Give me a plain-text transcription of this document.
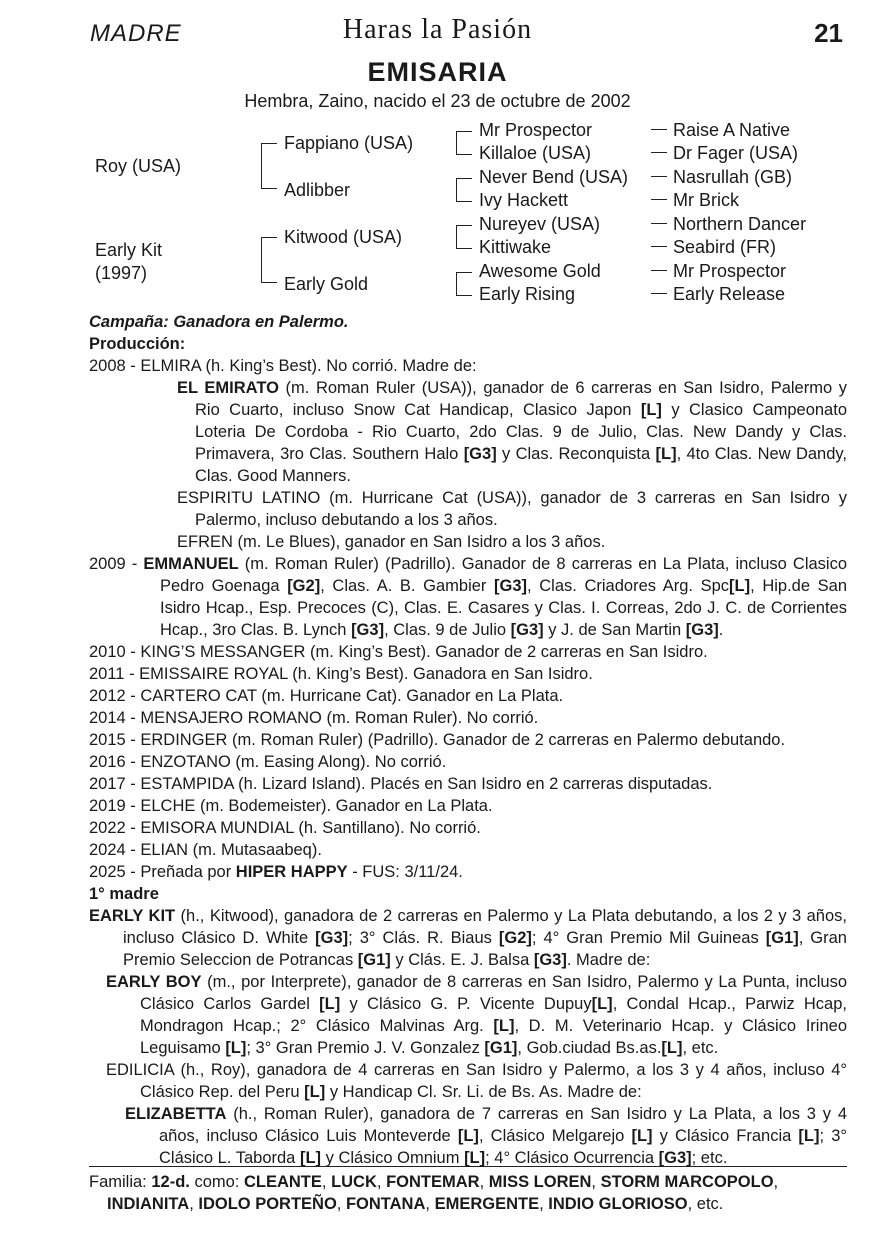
MADRE	Haras la Pasión	21
EMISARIA
Hembra, Zaino, nacido el 23 de octubre de 2002
Roy (USA)
Early Kit
(1997)
Fappiano (USA)
Adlibber
Kitwood (USA)
Early Gold
Mr Prospector
Killaloe (USA)
Never Bend (USA)
Ivy Hackett
Nureyev (USA)
Kittiwake
Awesome Gold
Early Rising
Raise A Native
Dr Fager (USA)
Nasrullah (GB)
Mr Brick
Northern Dancer
Seabird (FR)
Mr Prospector
Early Release

Campaña: Ganadora en Palermo.

Producción:

2008 - ELMIRA (h. King’s Best). No corrió. Madre de:

EL EMIRATO (m. Roman Ruler (USA)), ganador de 6 carreras en San Isidro, Palermo y Rio Cuarto, incluso Snow Cat Handicap, Clasico Japon [L] y Clasico Campeonato Loteria De Cordoba - Rio Cuarto, 2do Clas. 9 de Julio, Clas. New Dandy y Clas. Primavera, 3ro Clas. Southern Halo [G3] y Clas. Reconquista [L], 4to Clas. New Dandy, Clas. Good Manners.

ESPIRITU LATINO (m. Hurricane Cat (USA)), ganador de 3 carreras en San Isidro y Palermo, incluso debutando a los 3 años.

EFREN (m. Le Blues), ganador en San Isidro a los 3 años.

2009 - EMMANUEL (m. Roman Ruler) (Padrillo). Ganador de 8 carreras en La Plata, incluso Clasico Pedro Goenaga [G2], Clas. A. B. Gambier [G3], Clas. Criadores Arg. Spc[L], Hip.de San Isidro Hcap., Esp. Precoces (C), Clas. E. Casares y Clas. I. Correas, 2do J. C. de Corrientes Hcap., 3ro Clas. B. Lynch [G3], Clas. 9 de Julio [G3] y J. de San Martin [G3].

2010 - KING’S MESSANGER (m. King’s Best). Ganador de 2 carreras en San Isidro.

2011 - EMISSAIRE ROYAL (h. King’s Best). Ganadora en San Isidro.

2012 - CARTERO CAT (m. Hurricane Cat). Ganador en La Plata.

2014 - MENSAJERO ROMANO (m. Roman Ruler). No corrió.

2015 - ERDINGER (m. Roman Ruler) (Padrillo). Ganador de 2 carreras en Palermo debutando.

2016 - ENZOTANO (m. Easing Along). No corrió.

2017 - ESTAMPIDA (h. Lizard Island). Placés en San Isidro en 2 carreras disputadas.

2019 - ELCHE (m. Bodemeister). Ganador en La Plata.

2022 - EMISORA MUNDIAL (h. Santillano). No corrió.

2024 - ELIAN (m. Mutasaabeq).

2025 - Preñada por HIPER HAPPY - FUS: 3/11/24.

1° madre

EARLY KIT (h., Kitwood), ganadora de 2 carreras en Palermo y La Plata debutando, a los 2 y 3 años, incluso Clásico D. White [G3]; 3° Clás. R. Biaus [G2]; 4° Gran Premio Mil Guineas [G1], Gran Premio Seleccion de Potrancas [G1] y Clás. E. J. Balsa [G3]. Madre de:

EARLY BOY (m., por Interprete), ganador de 8 carreras en San Isidro, Palermo y La Punta, incluso Clásico Carlos Gardel [L] y Clásico G. P. Vicente Dupuy[L], Condal Hcap., Parwiz Hcap, Mondragon Hcap.; 2° Clásico Malvinas Arg. [L], D. M. Veterinario Hcap. y Clásico Irineo Leguisamo [L]; 3° Gran Premio J. V. Gonzalez [G1], Gob.ciudad Bs.as.[L], etc.

EDILICIA (h., Roy), ganadora de 4 carreras en San Isidro y Palermo, a los 3 y 4 años, incluso 4° Clásico Rep. del Peru [L] y Handicap Cl. Sr. Li. de Bs. As. Madre de:

ELIZABETTA (h., Roman Ruler), ganadora de 7 carreras en San Isidro y La Plata, a los 3 y 4 años, incluso Clásico Luis Monteverde [L], Clásico Melgarejo [L] y Clásico Francia [L]; 3° Clásico L. Taborda [L] y Clásico Omnium [L]; 4° Clásico Ocurrencia [G3]; etc.

Familia: 12-d. como: CLEANTE, LUCK, FONTEMAR, MISS LOREN, STORM MARCOPOLO, INDIANITA, IDOLO PORTEÑO, FONTANA, EMERGENTE, INDIO GLORIOSO, etc.
